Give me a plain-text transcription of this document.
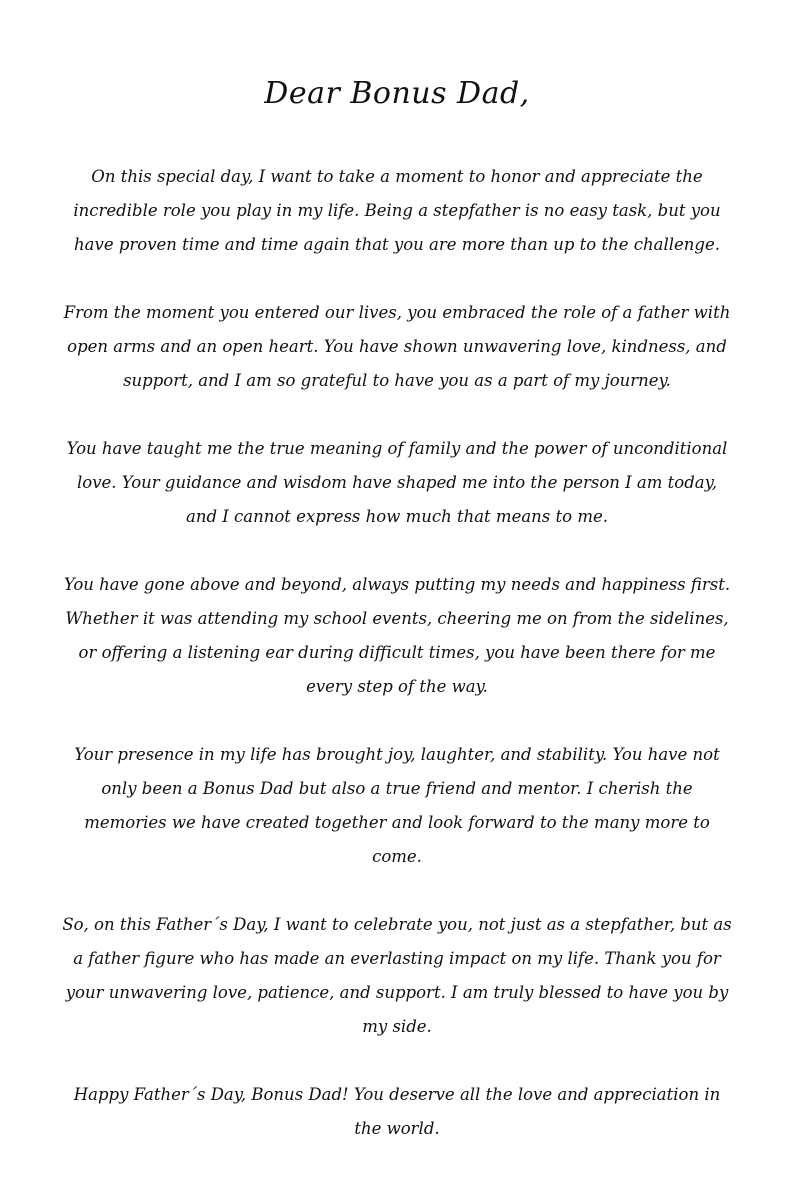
Dear Bonus Dad,

On this special day, I want to take a moment to honor and appreciate the incredible role you play in my life. Being a stepfather is no easy task, but you have proven time and time again that you are more than up to the challenge.

From the moment you entered our lives, you embraced the role of a father with open arms and an open heart. You have shown unwavering love, kindness, and support, and I am so grateful to have you as a part of my journey.

You have taught me the true meaning of family and the power of unconditional love. Your guidance and wisdom have shaped me into the person I am today, and I cannot express how much that means to me.

You have gone above and beyond, always putting my needs and happiness first. Whether it was attending my school events, cheering me on from the sidelines, or offering a listening ear during difficult times, you have been there for me every step of the way.

Your presence in my life has brought joy, laughter, and stability. You have not only been a Bonus Dad but also a true friend and mentor. I cherish the memories we have created together and look forward to the many more to come.

So, on this Father´s Day, I want to celebrate you, not just as a stepfather, but as a father figure who has made an everlasting impact on my life. Thank you for your unwavering love, patience, and support. I am truly blessed to have you by my side.

Happy Father´s Day, Bonus Dad! You deserve all the love and appreciation in the world.
